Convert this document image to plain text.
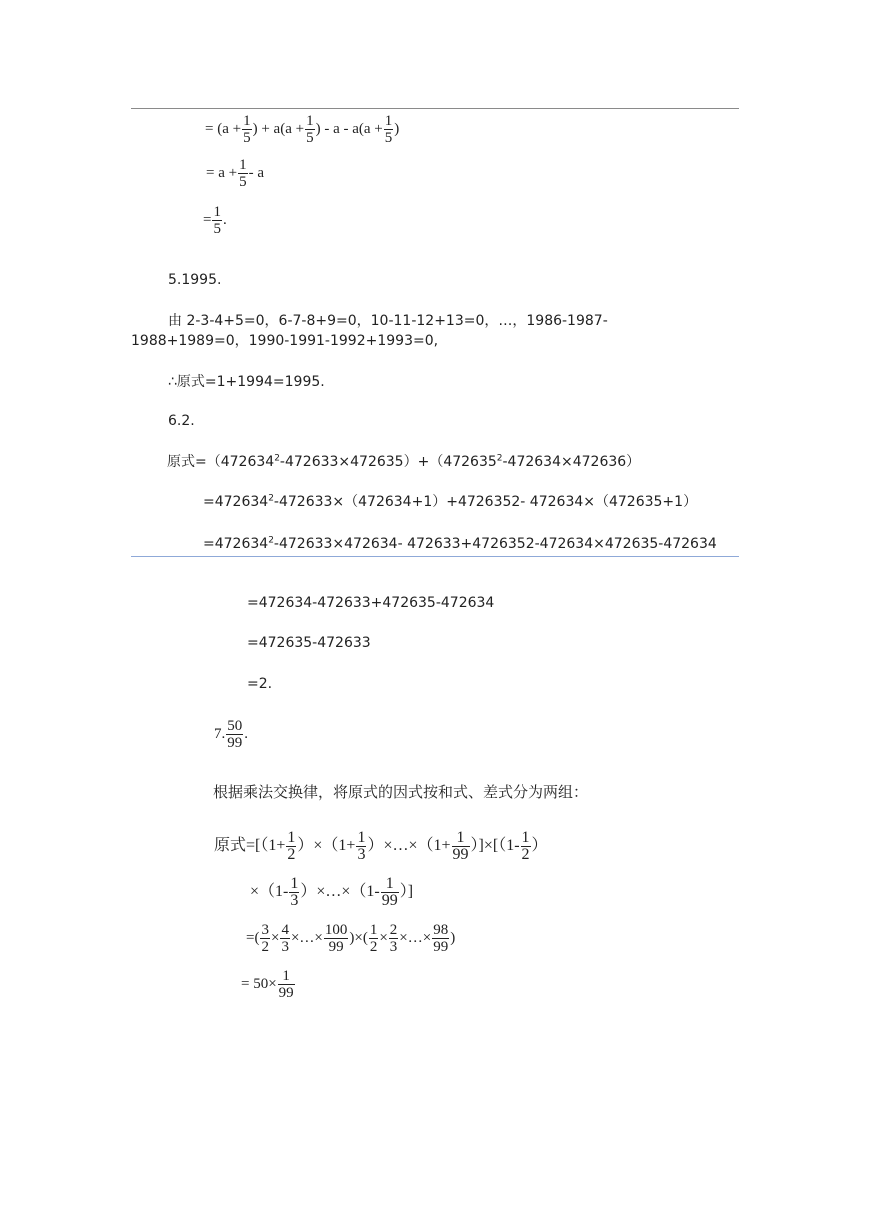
= ($a + \frac{1}{5}$ ) + $a(a + \frac{1}{5}$ ) - $a - a(a + \frac{1}{5}$ )
= $a + \frac{1}{5} - a$
= $\frac{1}{5}$ .
5.1995.
由 2-3-4+5=0，6-7-8+9=0，10-11-12+13=0，…，1986-1987-
1988+1989=0，1990-1991-1992+1993=0,
∴原式=1+1994=1995.
6.2.
原式$=(472634^2-472633\times 472635)+(472635^2-472634\times 472636)$
$=472634^2-472633\times(472634+1)+4726352-$ 472634×（472635+1）
$=472634^2-472633\times 472634-$ 472633+4726352-472634×472635-472634
=472634-472633+472635-472634
=472635-472633
=2.
7. $\frac{50}{99}$ .
根据乘法交换律，将原式的因式按和式、差式分为两组：
原式$=[(1+ \frac{1}{2} )\times(1+ \frac{1}{3}$ ）×…×（1+ $\frac{1}{99} )]\times[(1- \frac{1}{2}$ ）
$\times(1- \frac{1}{3}$ ）×…×（1- $\frac{1}{99}$ ）]
=( $\frac{3}{2} \times \frac{4}{3}$ ×…× $\frac{100}{99}$ )×( $\frac{1}{2} \times \frac{2}{3}$ ×…× $\frac{98}{99}$ )
= $50\times \frac{1}{99}$
